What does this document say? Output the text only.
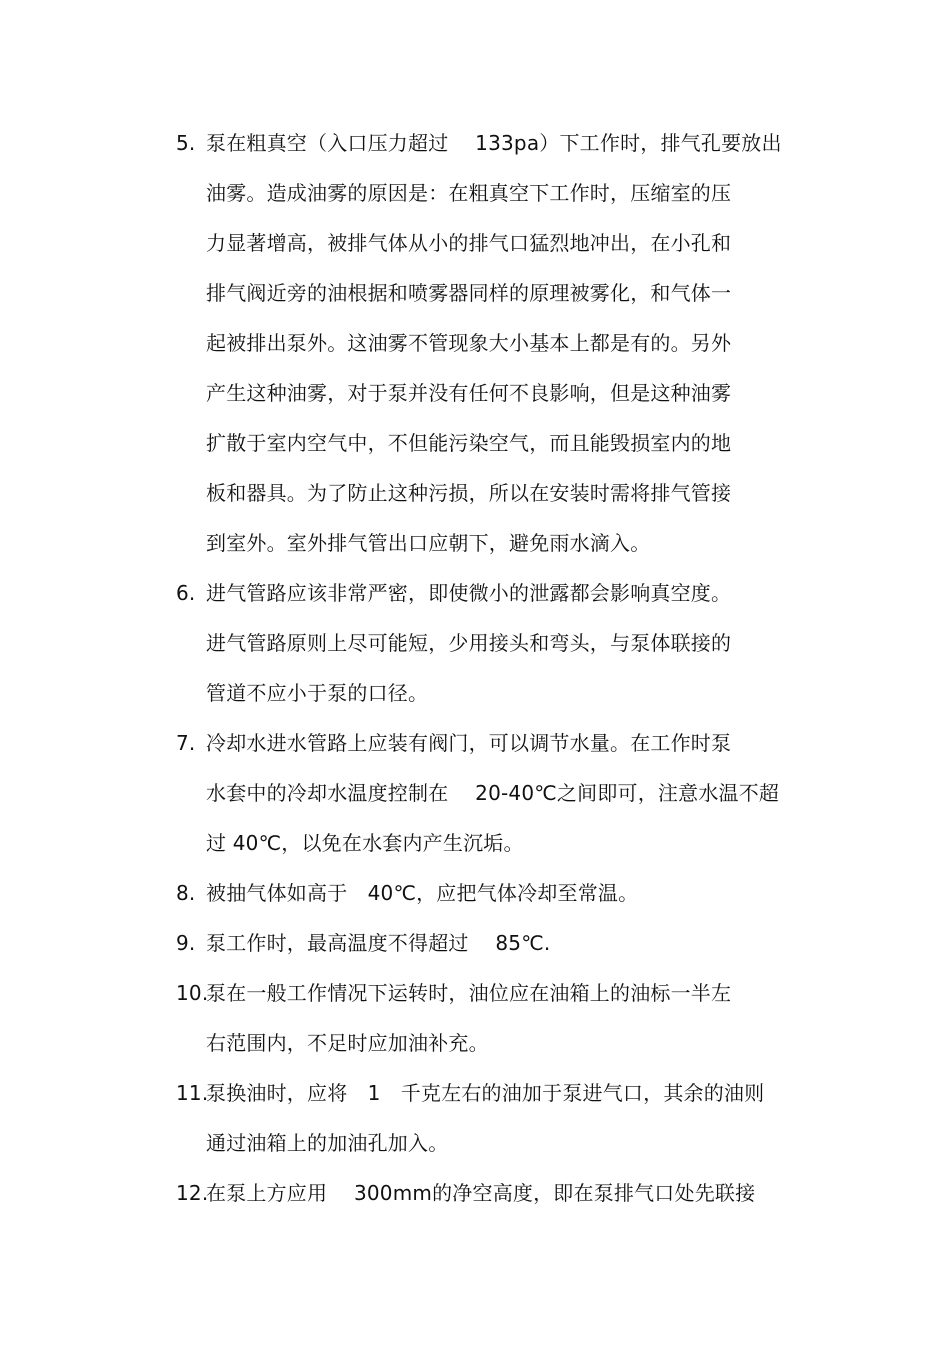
5. 泵在粗真空（入口压力超过　 133pa）下工作时，排气孔要放出
油雾。造成油雾的原因是：在粗真空下工作时，压缩室的压
力显著增高，被排气体从小的排气口猛烈地冲出，在小孔和
排气阀近旁的油根据和喷雾器同样的原理被雾化，和气体一
起被排出泵外。这油雾不管现象大小基本上都是有的。另外
产生这种油雾，对于泵并没有任何不良影响，但是这种油雾
扩散于室内空气中，不但能污染空气，而且能毁损室内的地
板和器具。为了防止这种污损，所以在安装时需将排气管接
到室外。室外排气管出口应朝下，避免雨水滴入。
6. 进气管路应该非常严密，即使微小的泄露都会影响真空度。
进气管路原则上尽可能短，少用接头和弯头，与泵体联接的
管道不应小于泵的口径。
7. 冷却水进水管路上应装有阀门，可以调节水量。在工作时泵
水套中的冷却水温度控制在　 20-40℃之间即可，注意水温不超
过 40℃，以免在水套内产生沉垢。
8. 被抽气体如高于　40℃，应把气体冷却至常温。
9. 泵工作时，最高温度不得超过　 85℃.
10.
泵在一般工作情况下运转时，油位应在油箱上的油标一半左
右范围内，不足时应加油补充。
11.
泵换油时，应将　1　千克左右的油加于泵进气口，其余的油则
通过油箱上的加油孔加入。
12.
在泵上方应用　 300mm的净空高度，即在泵排气口处先联接
